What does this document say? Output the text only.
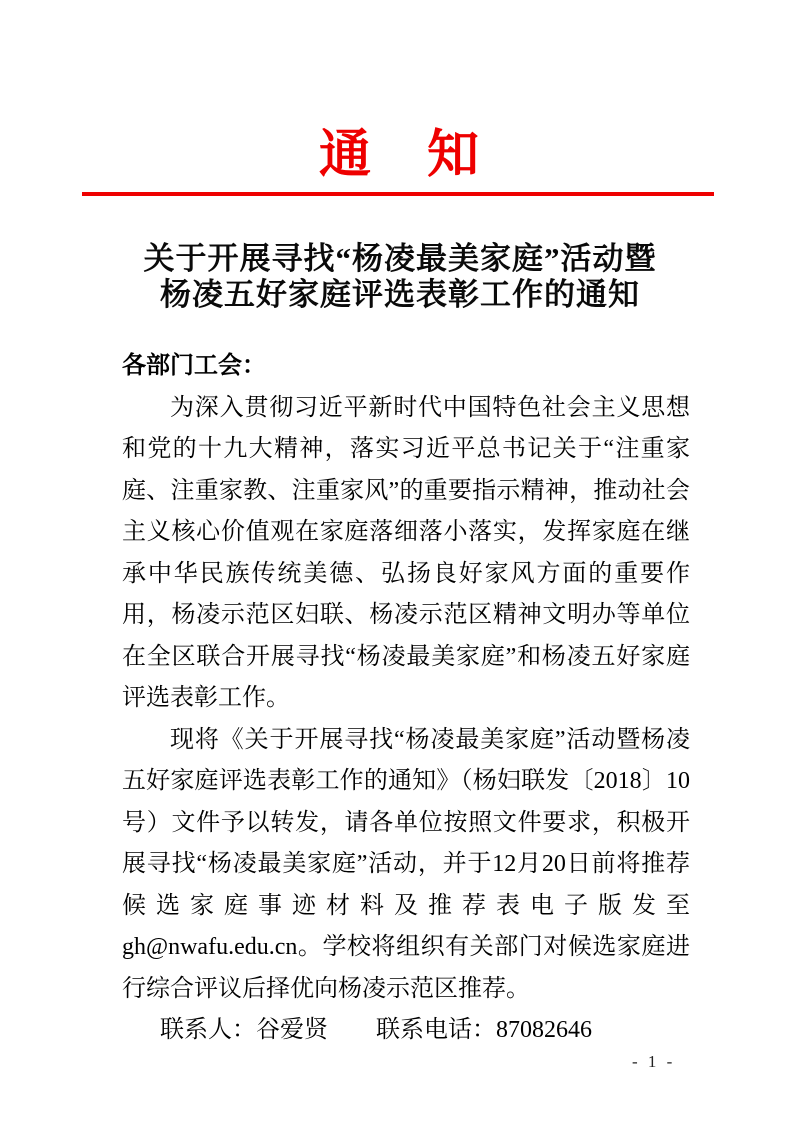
通　知
关于开展寻找“杨凌最美家庭”活动暨
杨凌五好家庭评选表彰工作的通知
各部门工会：

为深入贯彻习近平新时代中国特色社会主义思想和党的十九大精神，落实习近平总书记关于“注重家庭、注重家教、注重家风”的重要指示精神，推动社会主义核心价值观在家庭落细落小落实，发挥家庭在继承中华民族传统美德、弘扬良好家风方面的重要作用，杨凌示范区妇联、杨凌示范区精神文明办等单位在全区联合开展寻找“杨凌最美家庭”和杨凌五好家庭评选表彰工作。

现将《关于开展寻找“杨凌最美家庭”活动暨杨凌五好家庭评选表彰工作的通知》（杨妇联发〔2018〕10号）文件予以转发，请各单位按照文件要求，积极开展寻找“杨凌最美家庭”活动，并于12月20日前将推荐候选家庭事迹材料及推荐表电子版发至 gh@nwafu.edu.cn。学校将组织有关部门对候选家庭进行综合评议后择优向杨凌示范区推荐。

联系人：谷爱贤 联系电话：87082646
- 1 -
